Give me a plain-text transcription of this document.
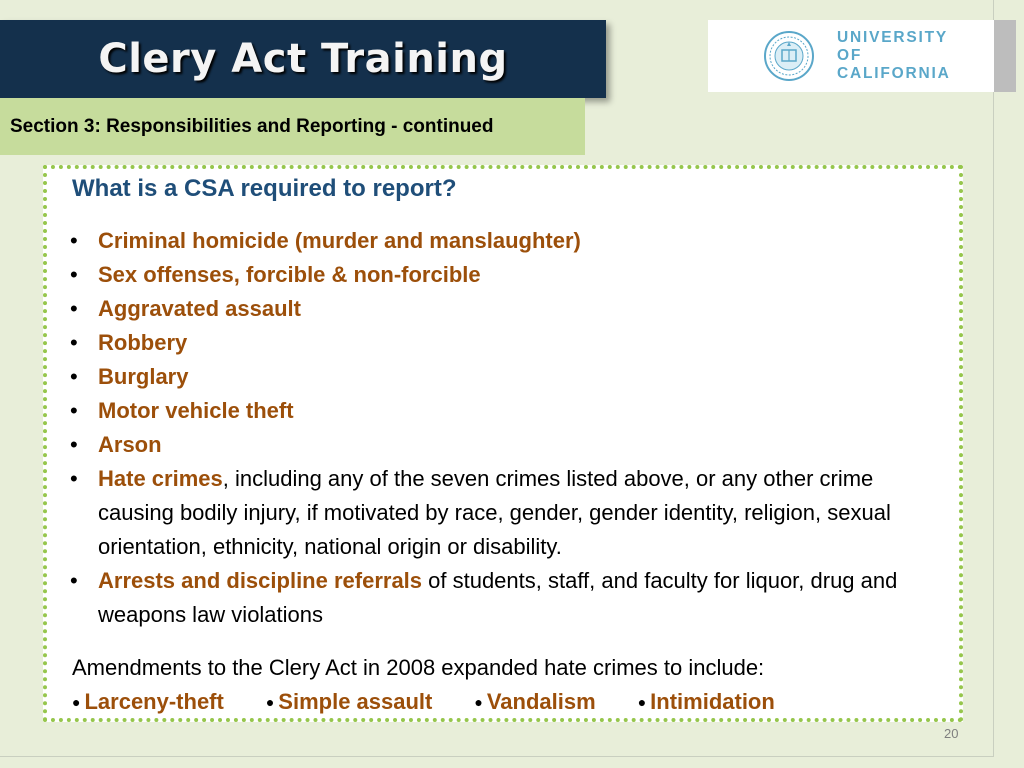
Clery Act Training
Section 3: Responsibilities and Reporting - continued
UNIVERSITY
OF
CALIFORNIA
What is a CSA required to report?
• Criminal homicide (murder and manslaughter)
• Sex offenses, forcible & non-forcible
• Aggravated assault
• Robbery
• Burglary
• Motor vehicle theft
• Arson
• Hate crimes, including any of the seven crimes listed above, or any other crime causing bodily injury, if motivated by race, gender, gender identity, religion, sexual orientation, ethnicity, national origin or disability.
• Arrests and discipline referrals of students, staff, and faculty for liquor, drug and weapons law violations

Amendments to the Clery Act in 2008 expanded hate crimes to include:

● Larceny-theft	● Simple assault	● Vandalism	● Intimidation
20
